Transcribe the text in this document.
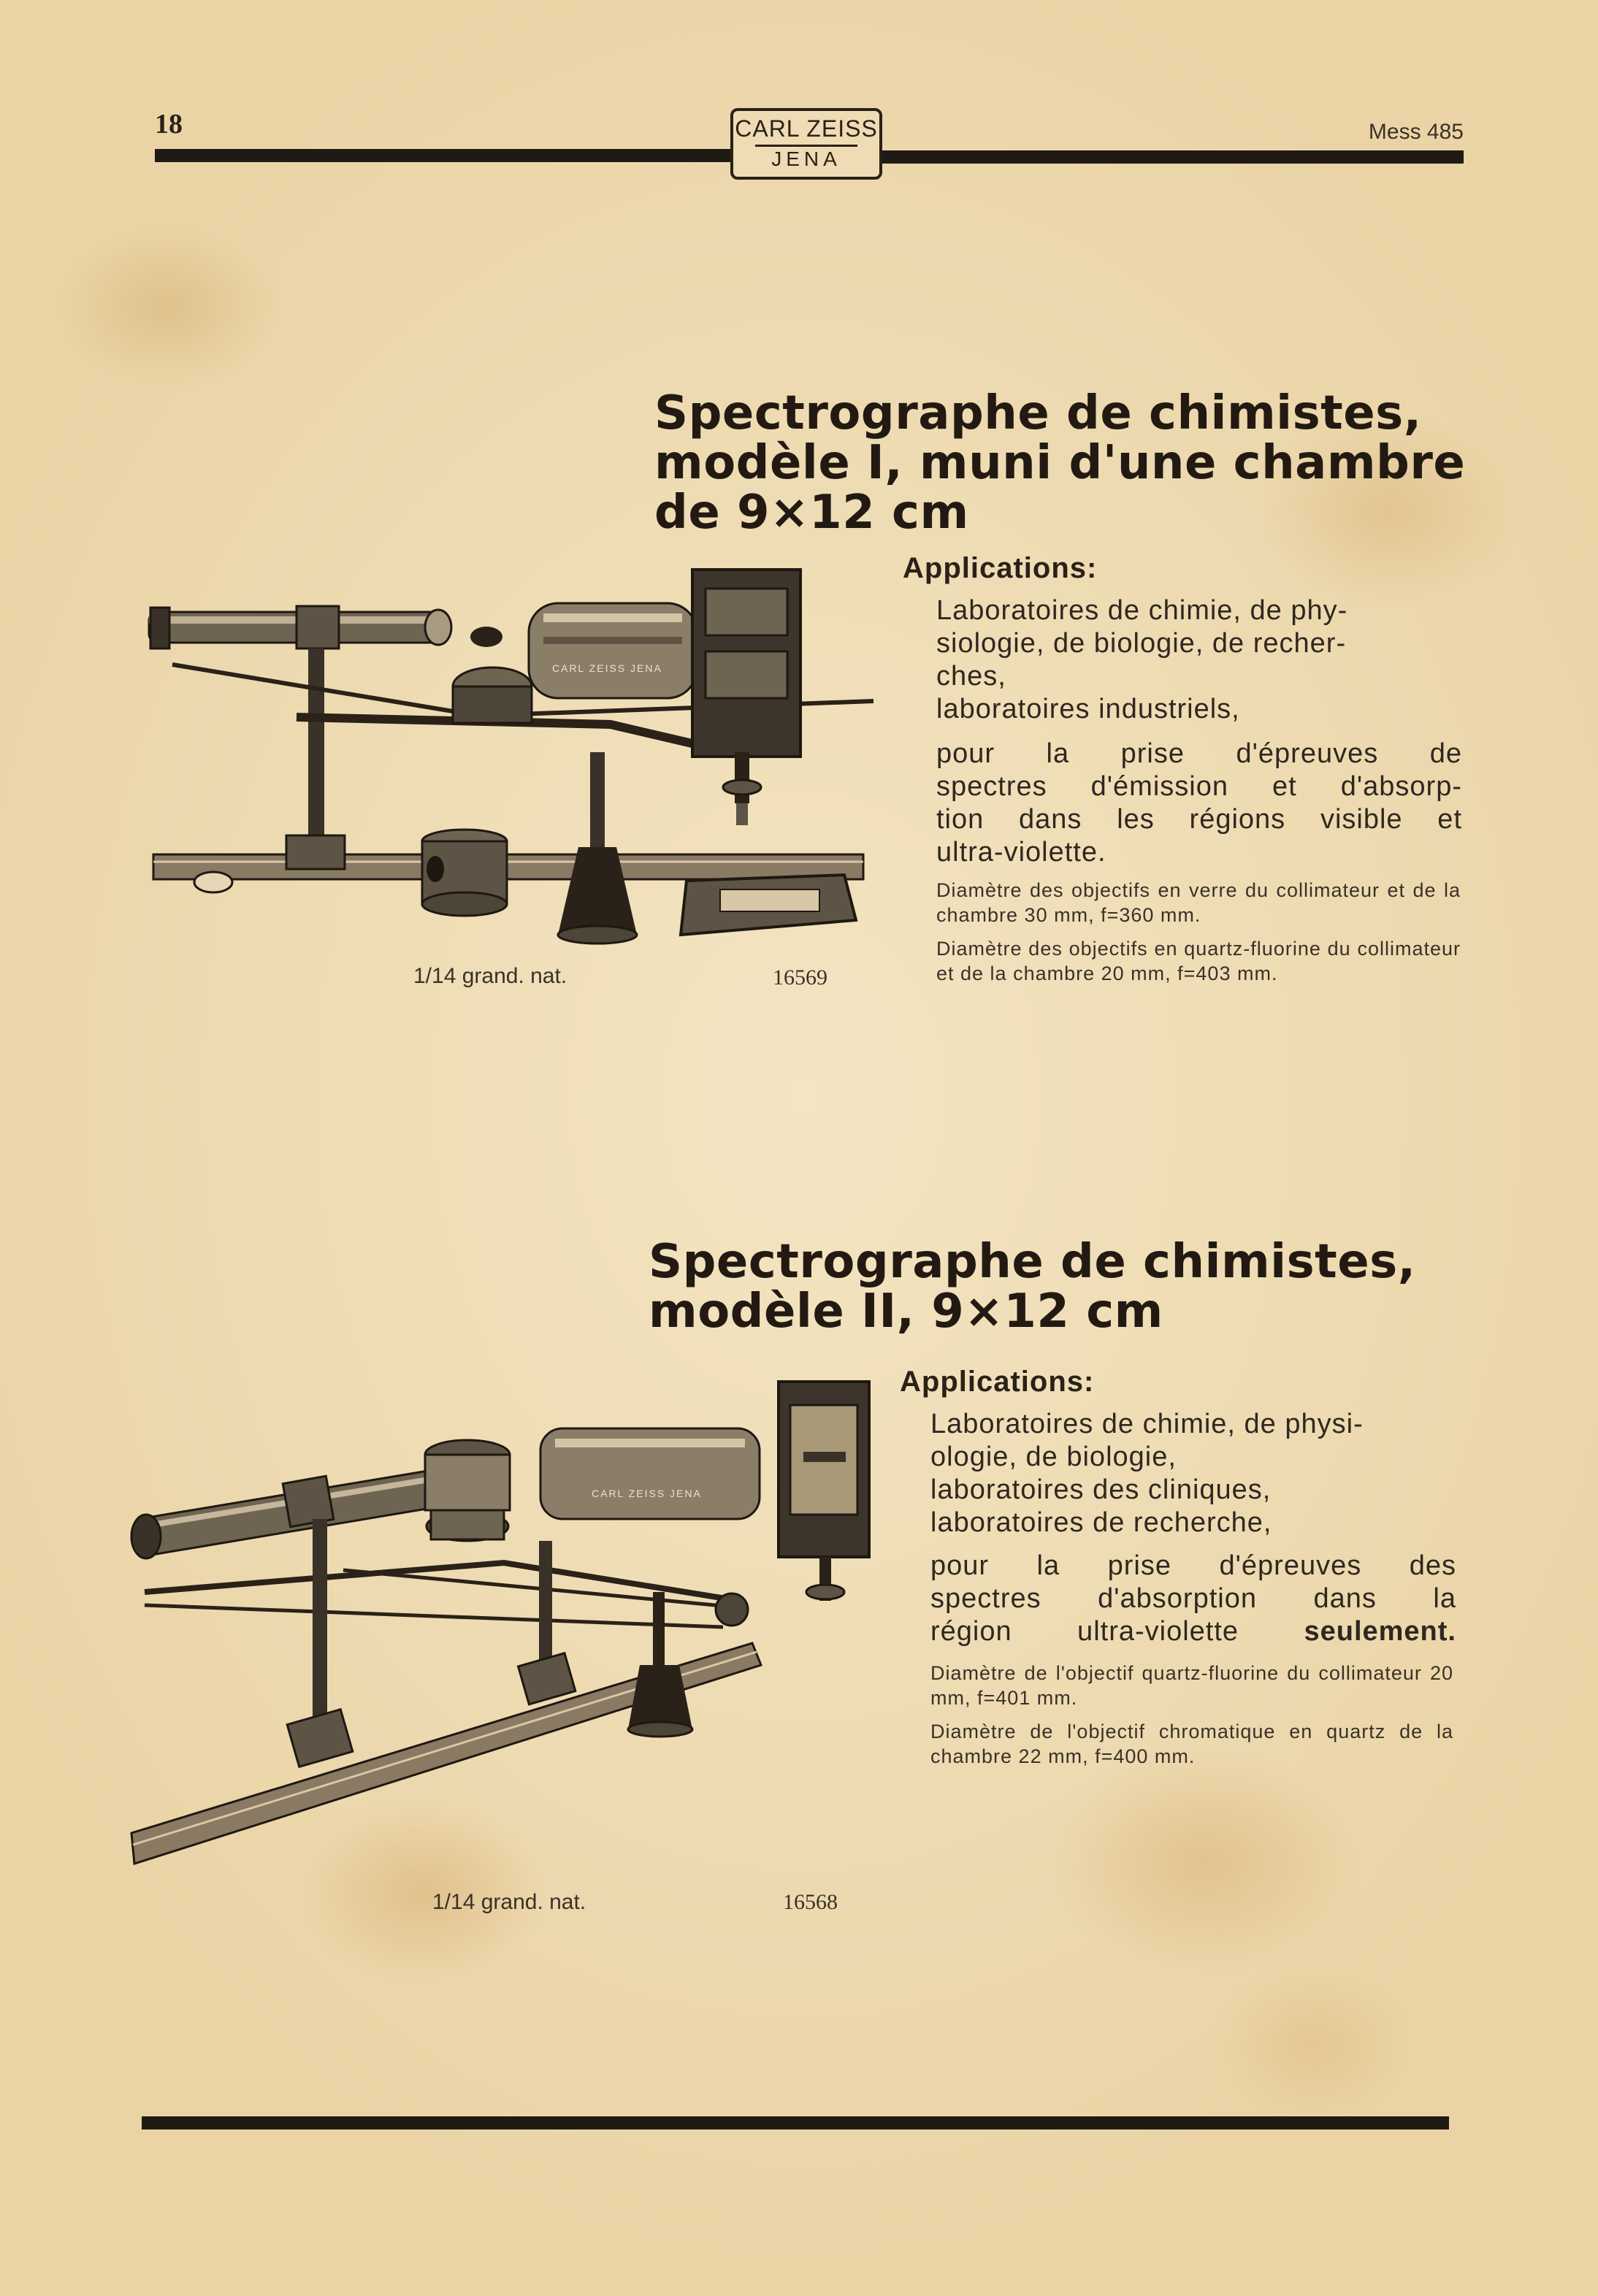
18	CARL ZEISS
JENA
Mess 485
Spectrographe de chimistes,
modèle I, muni d'une chambre
de 9×12 cm
Applications:
Laboratoires de chimie, de phy-
siologie, de biologie, de recher-
ches,
laboratoires industriels,
pour la prise d'épreuves de
spectres d'émission et d'absorp-
tion dans les régions visible et
ultra-violette.
Diamètre des objectifs en verre du collimateur et de la chambre 30 mm, f=360 mm.
Diamètre des objectifs en quartz-fluorine du collimateur et de la chambre 20 mm, f=403 mm.
CARL ZEISS JENA
1/14 grand. nat.	16569
Spectrographe de chimistes,
modèle II, 9×12 cm
Applications:
Laboratoires de chimie, de physi-
ologie, de biologie,
laboratoires des cliniques,
laboratoires de recherche,
pour la prise d'épreuves des
spectres d'absorption dans la
région ultra-violette seulement.
Diamètre de l'objectif quartz-fluorine du collimateur 20 mm, f=401 mm.
Diamètre de l'objectif chromatique en quartz de la chambre 22 mm, f=400 mm.
CARL ZEISS JENA
1/14 grand. nat.	16568
